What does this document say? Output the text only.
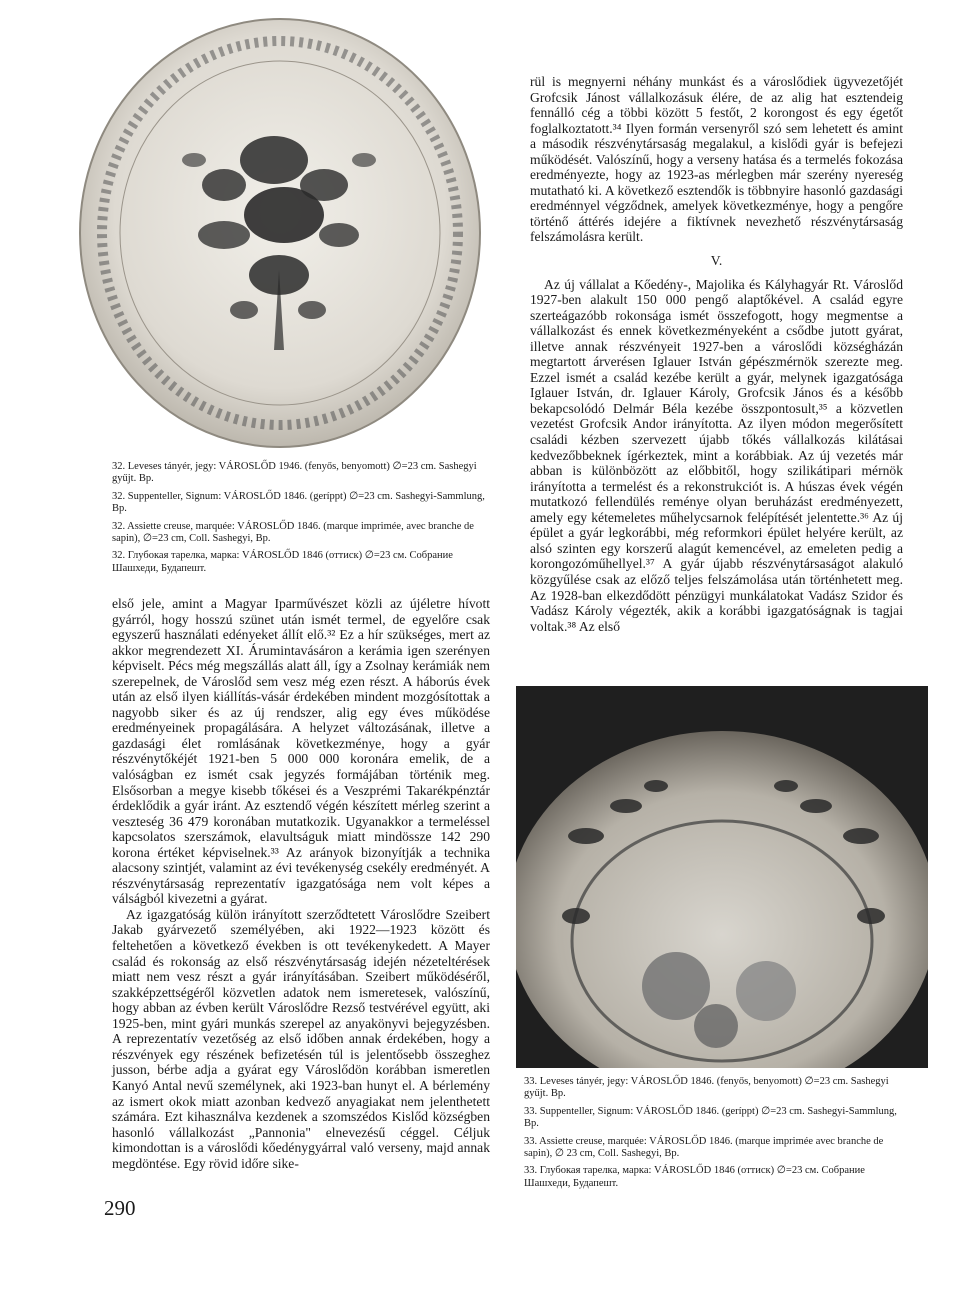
32. Leveses tányér, jegy: VÁROSLŐD 1946. (fenyős, benyomott) ∅=23 cm. Sashegyi gyűjt. Bp.

32. Suppenteller, Signum: VÁROSLŐD 1846. (geríppt) ∅=23 cm. Sashegyi-Sammlung, Bp.

32. Assiette creuse, marquée: VÁROSLŐD 1846. (marque imprimée, avec branche de sapin), ∅=23 cm, Coll. Sashegyi, Bp.

32. Глубокая тарелка, марка: VÁROSLŐD 1846 (оттиск) ∅=23 см. Собрание Шашхеди, Будапешт.

első jele, amint a Magyar Iparművészet közli az újéletre hívott gyárról, hogy hosszú szünet után ismét termel, de egyelőre csak egyszerű használati edényeket állít elő.³² Ez a hír szükséges, mert az akkor megrendezett XI. Árumintavásáron a kerámia igen szerényen képviselt. Pécs még megszállás alatt áll, így a Zsolnay kerámiák nem szerepelnek, de Városlőd sem vesz még ezen részt. A háborús évek után az első ilyen kiállítás-vásár érdekében mindent mozgósítottak a nagyobb siker és az új rendszer, alig egy éves működése eredményeinek propagálására. A helyzet változásának, illetve a gazdasági élet romlásának következménye, hogy a gyár részvénytőkéjét 1921-ben 5 000 000 koronára emelik, de a valóságban ez ismét csak jegyzés formájában történik meg. Elsősorban a megye kisebb tőkései és a Veszprémi Takarékpénztár érdeklődik a gyár iránt. Az esztendő végén készített mérleg szerint a veszteség 36 479 koronában mutatkozik. Ugyanakkor a termeléssel kapcsolatos szerszámok, elavultságuk miatt mindössze 142 290 korona értéket képviselnek.³³ Az arányok bizonyítják a technika alacsony szintjét, valamint az évi tevékenység csekély eredményét. A részvénytársaság reprezentatív igazgatósága nem volt képes a válságból kivezetni a gyárat.

Az igazgatóság külön irányított szerződtetett Városlődre Szeibert Jakab gyárvezető személyében, aki 1922—1923 között és feltehetően a következő években is ott tevékenykedett. A Mayer család és rokonság az első részvénytársaság idején nézeteltérések miatt nem vesz részt a gyár irányításában. Szeibert működéséről, szakképzettségéről közvetlen adatok nem ismeretesek, valószínű, hogy abban az évben került Városlődre Rezső testvérével együtt, aki 1925-ben, mint gyári munkás szerepel az anyakönyvi bejegyzésben. A reprezentatív vezetőség az első időben annak érdekében, hogy a részvények egy részének befizetésén túl is jelentősebb összeghez jusson, bérbe adja a gyárat egy Városlődön korábban ismeretlen Kanyó Antal nevű személynek, aki 1923-ban hunyt el. A bérlemény az ismert okok miatt azonban kedvező anyagiakat nem jelenthetett számára. Ezt kihasználva kezdenek a szomszédos Kislőd községben hasonló vállalkozást „Pannonia" elnevezésű céggel. Céljuk kimondottan is a városlődi kőedénygyárral való verseny, majd annak megdöntése. Egy rövid időre sike-

rül is megnyerni néhány munkást és a városlődiek ügyvezetőjét Grofcsik Jánost vállalkozásuk élére, de az alig hat esztendeig fennálló cég a többi között 5 festőt, 2 korongost és egy égetőt foglalkoztatott.³⁴ Ilyen formán versenyről szó sem lehetett és amint a második részvénytársaság megalakul, a kislődi gyár is befejezi működését. Valószínű, hogy a verseny hatása és a termelés fokozása eredményezte, hogy az 1923-as mérlegben már szerény nyereség mutatható ki. A következő esztendők is többnyire hasonló gazdasági eredménnyel végződnek, amelyek következménye, hogy a pengőre történő áttérés idejére a fiktívnek nevezhető részvénytársaság felszámolásra került.

V.

Az új vállalat a Kőedény-, Majolika és Kályhagyár Rt. Városlőd 1927-ben alakult 150 000 pengő alaptőkével. A család egyre szerteágazóbb rokonsága ismét összefogott, hogy megmentse a vállalkozást és ennek következményeként a csődbe jutott gyárat, illetve annak részvényeit 1927-ben a városlődi községházán megtartott árverésen Iglauer István gépészmérnök szerezte meg. Ezzel ismét a család kezébe került a gyár, melynek igazgatósága Iglauer István, dr. Iglauer Károly, Grofcsik János és a később bekapcsolódó Delmár Béla kezébe összpontosult,³⁵ a közvetlen vezetést Grofcsik Andor irányította. Az ilyen módon megerősített családi kézben szervezett újabb tőkés vállalkozás kilátásai kedvezőbbeknek ígérkeztek, mint a korábbiak. Az új vezetés már abban is különbözött az előbbitől, hogy szilikátipari mérnök irányította a termelést és a rekonstrukciót is. A húszas évek végén mutatkozó fellendülés reménye olyan beruházást eredményezett, amely egy kétemeletes műhelycsarnok felépítését jelentette.³⁶ Az új épület a gyár legkorábbi, még reformkori épület helyére került, az alsó szinten egy korszerű alagút kemencével, az emeleten pedig a korongozóműhellyel.³⁷ A gyár újabb részvénytársaságot alakuló közgyűlése csak az előző teljes felszámolása után történhetett meg. Az 1928-ban elkezdődött pénzügyi munkálatokat Vadász Szidor és Vadász Károly végezték, akik a korábbi igazgatóságnak is tagjai voltak.³⁸ Az első

33. Leveses tányér, jegy: VÁROSLŐD 1846. (fenyős, benyomott) ∅=23 cm. Sashegyi gyűjt. Bp.

33. Suppenteller, Signum: VÁROSLŐD 1846. (geríppt) ∅=23 cm. Sashegyi-Sammlung, Bp.

33. Assiette creuse, marquée: VÁROSLŐD 1846. (marque imprimée avec branche de sapin), ∅ 23 cm, Coll. Sashegyi, Bp.

33. Глубокая тарелка, марка: VÁROSLŐD 1846 (оттиск) ∅=23 см. Собрание Шашхеди, Будапешт.

290
